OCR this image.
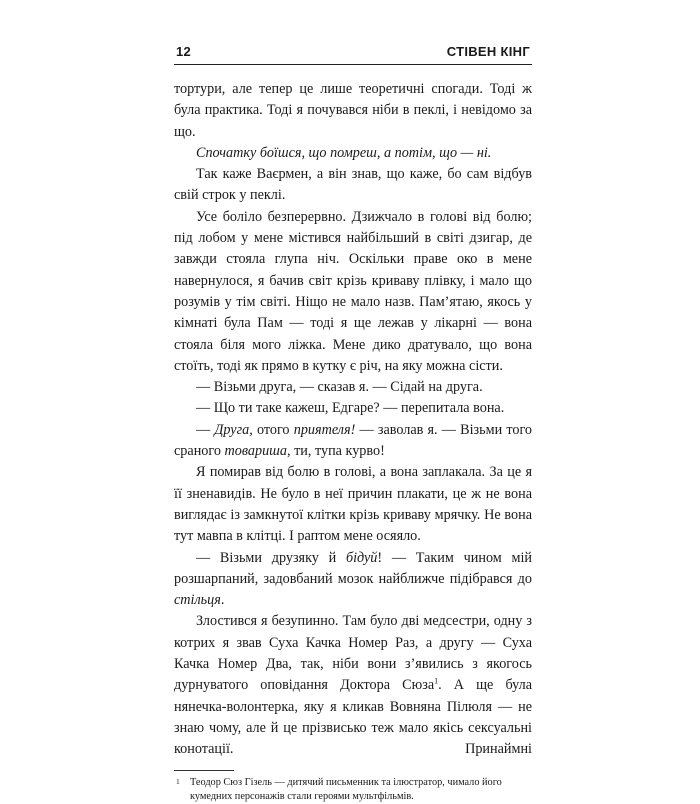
12	СТІВЕН КІНГ

тортури, але тепер це лише теоретичні спогади. Тоді ж була практика. Тоді я почувався ніби в пеклі, і невідомо за що.

Спочатку боїшся, що помреш, а потім, що — ні.

Так каже Ваєрмен, а він знав, що каже, бо сам відбув свій строк у пеклі.

Усе боліло безперервно. Дзижчало в голові від болю; під лобом у мене містився найбільший в світі дзигар, де завжди стояла глупа ніч. Оскільки праве око в мене навернулося, я бачив світ крізь криваву плівку, і мало що розумів у тім світі. Ніщо не мало назв. Пам’ятаю, якось у кімнаті була Пам — тоді я ще лежав у лікарні — вона стояла біля мого ліжка. Мене дико дратувало, що вона стоїть, тоді як прямо в кутку є річ, на яку можна сісти.

— Візьми друга, — сказав я. — Сідай на друга.

— Що ти таке кажеш, Едгаре? — перепитала вона.

— Друга, отого приятеля! — заволав я. — Візьми того сраного товариша, ти, тупа курво!

Я помирав від болю в голові, а вона заплакала. За це я її зненавидів. Не було в неї причин плакати, це ж не вона виглядає із замкнутої клітки крізь криваву мрячку. Не вона тут мавпа в клітці. І раптом мене осяяло.

— Візьми друзяку й бідуй! — Таким чином мій розшарпаний, задовбаний мозок найближче підібрався до стільця.

Злостився я безупинно. Там було дві медсестри, одну з котрих я звав Суха Качка Номер Раз, а другу — Суха Качка Номер Два, так, ніби вони з’явились з якогось дурнуватого оповідання Доктора Сюза$^1$. А ще була нянечка-волонтерка, яку я кликав Вовняна Пілюля — не знаю чому, але й це прізвисько теж мало якісь сексуальні конотації. Принаймні

1 Теодор Сюз Гізель — дитячий письменник та ілюстратор, чимало його кумедних персонажів стали героями мультфільмів.
